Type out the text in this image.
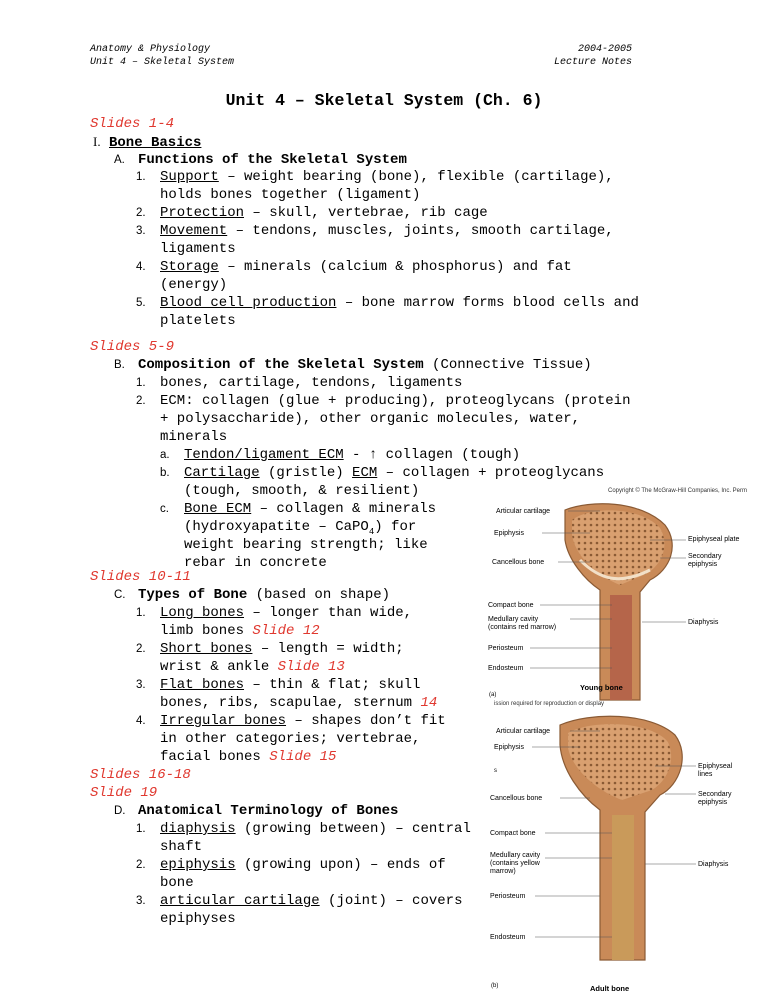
Anatomy & Physiology
Unit 4 – Skeletal System
2004-2005
Lecture Notes
Unit 4 – Skeletal System (Ch. 6)
Slides 1-4
I. Bone Basics
A. Functions of the Skeletal System
1. Support – weight bearing (bone), flexible (cartilage),
holds bones together (ligament)
2. Protection – skull, vertebrae, rib cage
3. Movement – tendons, muscles, joints, smooth cartilage,
ligaments
4. Storage – minerals (calcium & phosphorus) and fat
(energy)
5. Blood cell production – bone marrow forms blood cells and
platelets
Slides 5-9
B. Composition of the Skeletal System (Connective Tissue)
1. bones, cartilage, tendons, ligaments
2. ECM: collagen (glue + producing), proteoglycans (protein
+ polysaccharide), other organic molecules, water,
minerals
a. Tendon/ligament ECM - ↑ collagen (tough)
b. Cartilage (gristle) ECM – collagen + proteoglycans
(tough, smooth, & resilient)
c. Bone ECM – collagen & minerals
(hydroxyapatite – CaPO$_4$) for
weight bearing strength; like
rebar in concrete
Slides 10-11
C. Types of Bone (based on shape)
1. Long bones – longer than wide,
limb bones Slide 12
2. Short bones – length = width;
wrist & ankle Slide 13
3. Flat bones – thin & flat; skull
bones, ribs, scapulae, sternum 14
4. Irregular bones – shapes don’t fit
in other categories; vertebrae,
facial bones Slide 15
Slides 16-18
Slide 19
D. Anatomical Terminology of Bones
1. diaphysis (growing between) – central
shaft
2. epiphysis (growing upon) – ends of
bone
3. articular cartilage (joint) – covers
epiphyses
Copyright © The McGraw-Hill Companies, Inc. Perm
Articular cartilage
Epiphysis
Cancellous bone
Compact bone
Medullary cavity
(contains red marrow)
Periosteum
Endosteum
Epiphyseal plate
Secondary
epiphysis
Diaphysis
Young bone
(a)
ission required for reproduction or display
Articular cartilage
Epiphysis
s
Cancellous bone
Compact bone
Medullary cavity
(contains yellow
marrow)
Periosteum
Endosteum
Epiphyseal
lines
Secondary
epiphysis
Diaphysis
Adult bone
(b)
